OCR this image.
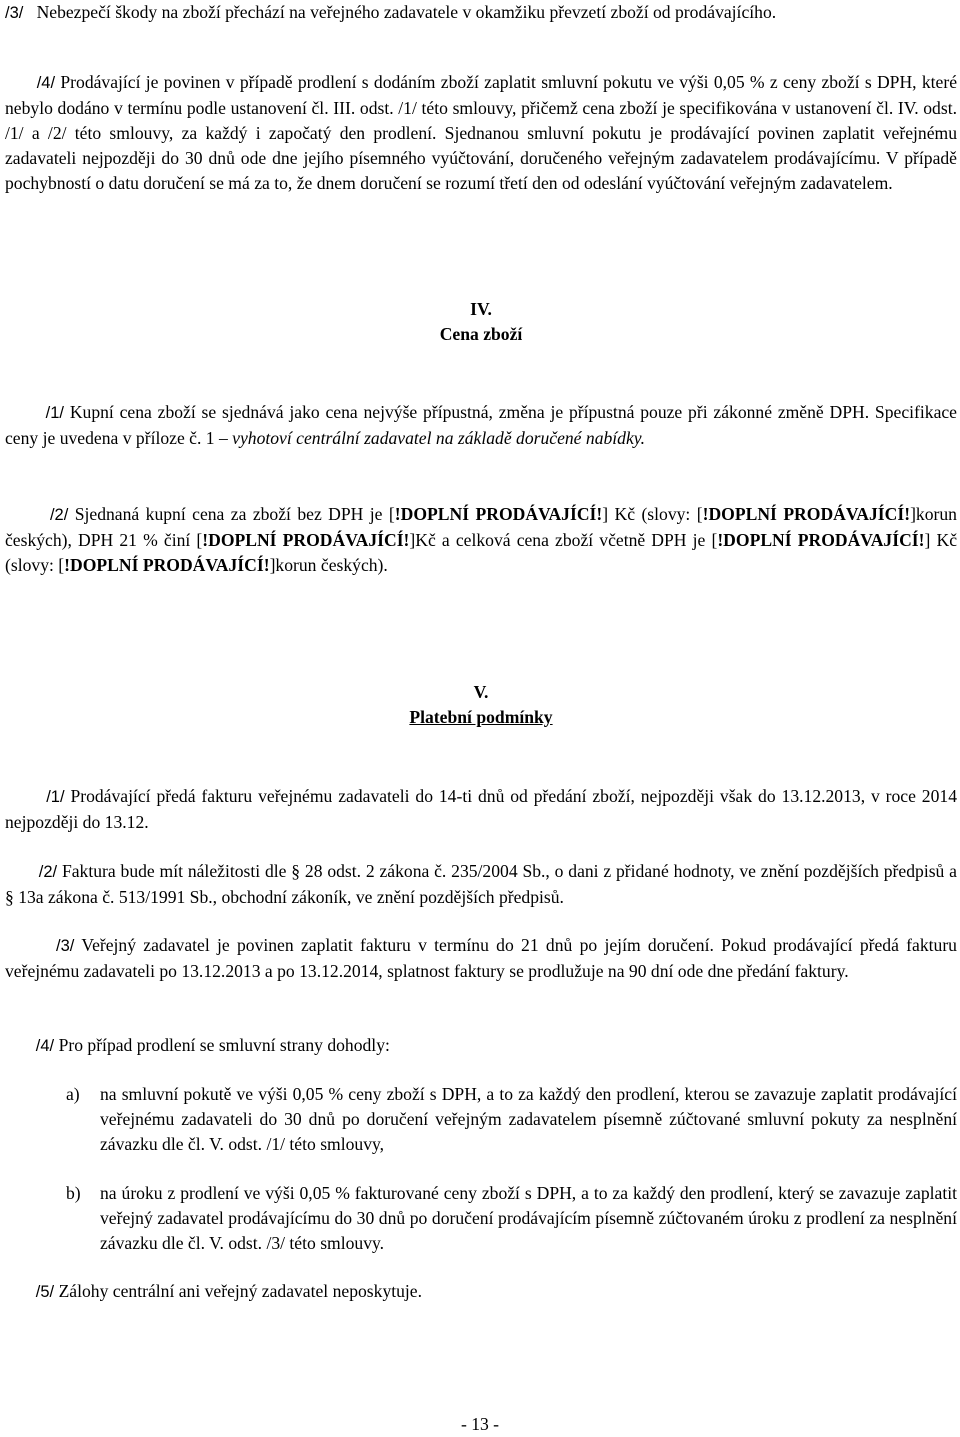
/3/ Nebezpečí škody na zboží přechází na veřejného zadavatele v okamžiku převzetí zboží od prodávajícího.

/4/ Prodávající je povinen v případě prodlení s dodáním zboží zaplatit smluvní pokutu ve výši 0,05 % z ceny zboží s DPH, které nebylo dodáno v termínu podle ustanovení čl. III. odst. /1/ této smlouvy, přičemž cena zboží je specifikována v ustanovení čl. IV. odst. /1/ a /2/ této smlouvy, za každý i započatý den prodlení. Sjednanou smluvní pokutu je prodávající povinen zaplatit veřejnému zadavateli nejpozději do 30 dnů ode dne jejího písemného vyúčtování, doručeného veřejným zadavatelem prodávajícímu. V případě pochybností o datu doručení se má za to, že dnem doručení se rozumí třetí den od odeslání vyúčtování veřejným zadavatelem.

IV.

Cena zboží

/1/ Kupní cena zboží se sjednává jako cena nejvýše přípustná, změna je přípustná pouze při zákonné změně DPH. Specifikace ceny je uvedena v příloze č. 1 – vyhotoví centrální zadavatel na základě doručené nabídky.

/2/ Sjednaná kupní cena za zboží bez DPH je [!DOPLNÍ PRODÁVAJÍCÍ!] Kč (slovy: [!DOPLNÍ PRODÁVAJÍCÍ!]korun českých), DPH 21 % činí [!DOPLNÍ PRODÁVAJÍCÍ!]Kč a celková cena zboží včetně DPH je [!DOPLNÍ PRODÁVAJÍCÍ!] Kč (slovy: [!DOPLNÍ PRODÁVAJÍCÍ!]korun českých).

V.

Platební podmínky

/1/ Prodávající předá fakturu veřejnému zadavateli do 14-ti dnů od předání zboží, nejpozději však do 13.12.2013, v roce 2014 nejpozději do 13.12.

/2/ Faktura bude mít náležitosti dle § 28 odst. 2 zákona č. 235/2004 Sb., o dani z přidané hodnoty, ve znění pozdějších předpisů a § 13a zákona č. 513/1991 Sb., obchodní zákoník, ve znění pozdějších předpisů.

/3/ Veřejný zadavatel je povinen zaplatit fakturu v termínu do 21 dnů po jejím doručení. Pokud prodávající předá fakturu veřejnému zadavateli po 13.12.2013 a po 13.12.2014, splatnost faktury se prodlužuje na 90 dní ode dne předání faktury.

/4/ Pro případ prodlení se smluvní strany dohodly:

a) na smluvní pokutě ve výši 0,05 % ceny zboží s DPH, a to za každý den prodlení, kterou se zavazuje zaplatit prodávající veřejnému zadavateli do 30 dnů po doručení veřejným zadavatelem písemně zúčtované smluvní pokuty za nesplnění závazku dle čl. V. odst. /1/ této smlouvy,
b) na úroku z prodlení ve výši 0,05 % fakturované ceny zboží s DPH, a to za každý den prodlení, který se zavazuje zaplatit veřejný zadavatel prodávajícímu do 30 dnů po doručení prodávajícím písemně zúčtovaném úroku z prodlení za nesplnění závazku dle čl. V. odst. /3/ této smlouvy.

/5/ Zálohy centrální ani veřejný zadavatel neposkytuje.

- 13 -
